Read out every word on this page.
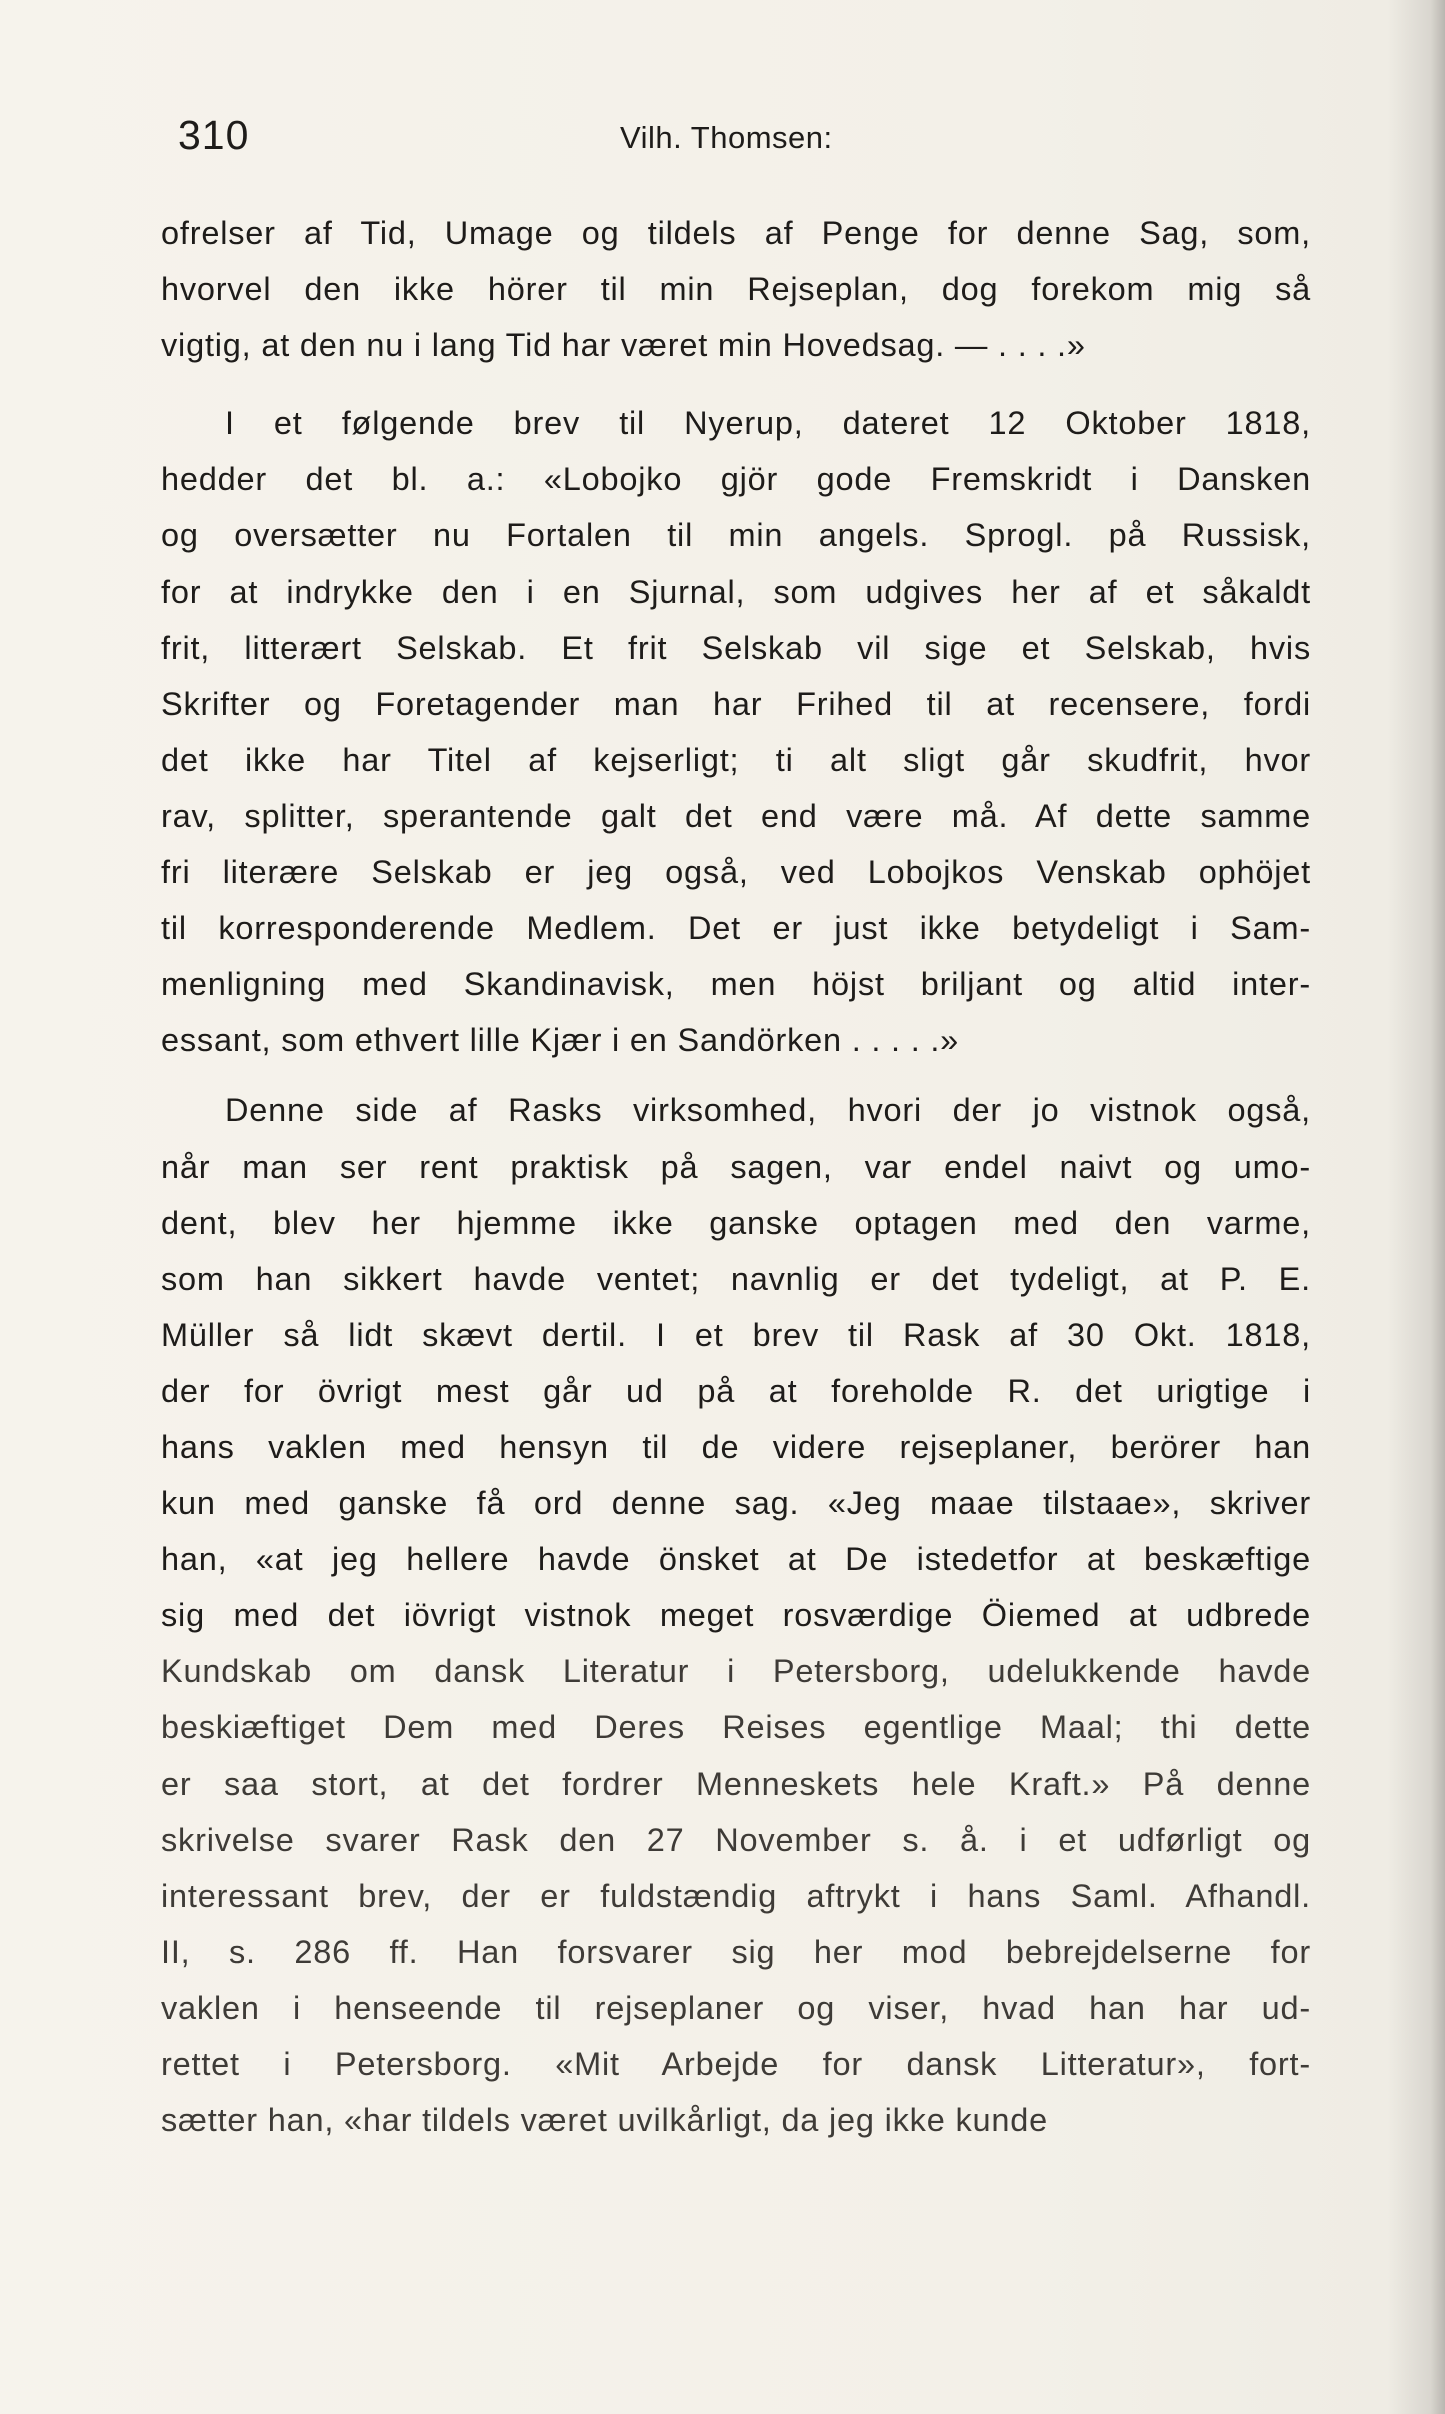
310	Vilh. Thomsen:
ofrelser af Tid, Umage og tildels af Penge for denne Sag, som,
hvorvel den ikke hörer til min Rejseplan, dog forekom mig så
vigtig, at den nu i lang Tid har været min Hovedsag. — . . . .»
I et følgende brev til Nyerup, dateret 12 Oktober 1818,
hedder det bl. a.: «Lobojko gjör gode Fremskridt i Dansken
og oversætter nu Fortalen til min angels. Sprogl. på Russisk,
for at indrykke den i en Sjurnal, som udgives her af et såkaldt
frit, litterært Selskab. Et frit Selskab vil sige et Selskab, hvis
Skrifter og Foretagender man har Frihed til at recensere, fordi
det ikke har Titel af kejserligt; ti alt sligt går skudfrit, hvor
rav, splitter, sperantende galt det end være må. Af dette samme
fri literære Selskab er jeg også, ved Lobojkos Venskab ophöjet
til korresponderende Medlem. Det er just ikke betydeligt i Sam-
menligning med Skandinavisk, men höjst briljant og altid inter-
essant, som ethvert lille Kjær i en Sandörken . . . . .»
Denne side af Rasks virksomhed, hvori der jo vistnok også,
når man ser rent praktisk på sagen, var endel naivt og umo-
dent, blev her hjemme ikke ganske optagen med den varme,
som han sikkert havde ventet; navnlig er det tydeligt, at P. E.
Müller så lidt skævt dertil. I et brev til Rask af 30 Okt. 1818,
der for övrigt mest går ud på at foreholde R. det urigtige i
hans vaklen med hensyn til de videre rejseplaner, berörer han
kun med ganske få ord denne sag. «Jeg maae tilstaae», skriver
han, «at jeg hellere havde önsket at De istedetfor at beskæftige
sig med det iövrigt vistnok meget rosværdige Öiemed at udbrede
Kundskab om dansk Literatur i Petersborg, udelukkende havde
beskiæftiget Dem med Deres Reises egentlige Maal; thi dette
er saa stort, at det fordrer Menneskets hele Kraft.» På denne
skrivelse svarer Rask den 27 November s. å. i et udførligt og
interessant brev, der er fuldstændig aftrykt i hans Saml. Afhandl.
II, s. 286 ff. Han forsvarer sig her mod bebrejdelserne for
vaklen i henseende til rejseplaner og viser, hvad han har ud-
rettet i Petersborg. «Mit Arbejde for dansk Litteratur», fort-
sætter han, «har tildels været uvilkårligt, da jeg ikke kunde
